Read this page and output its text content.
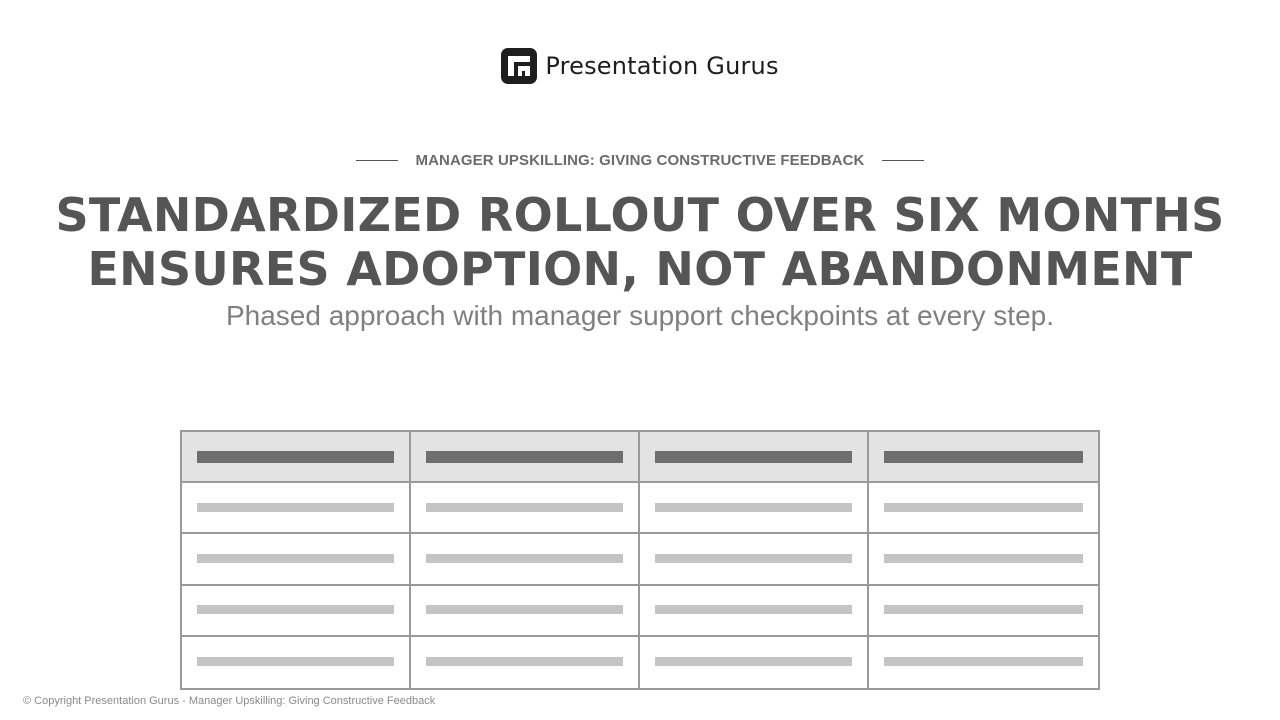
Presentation Gurus
MANAGER UPSKILLING: GIVING CONSTRUCTIVE FEEDBACK
STANDARDIZED ROLLOUT OVER SIX MONTHS
ENSURES ADOPTION, NOT ABANDONMENT

Phased approach with manager support checkpoints at every step.

© Copyright Presentation Gurus - Manager Upskilling: Giving Constructive Feedback
